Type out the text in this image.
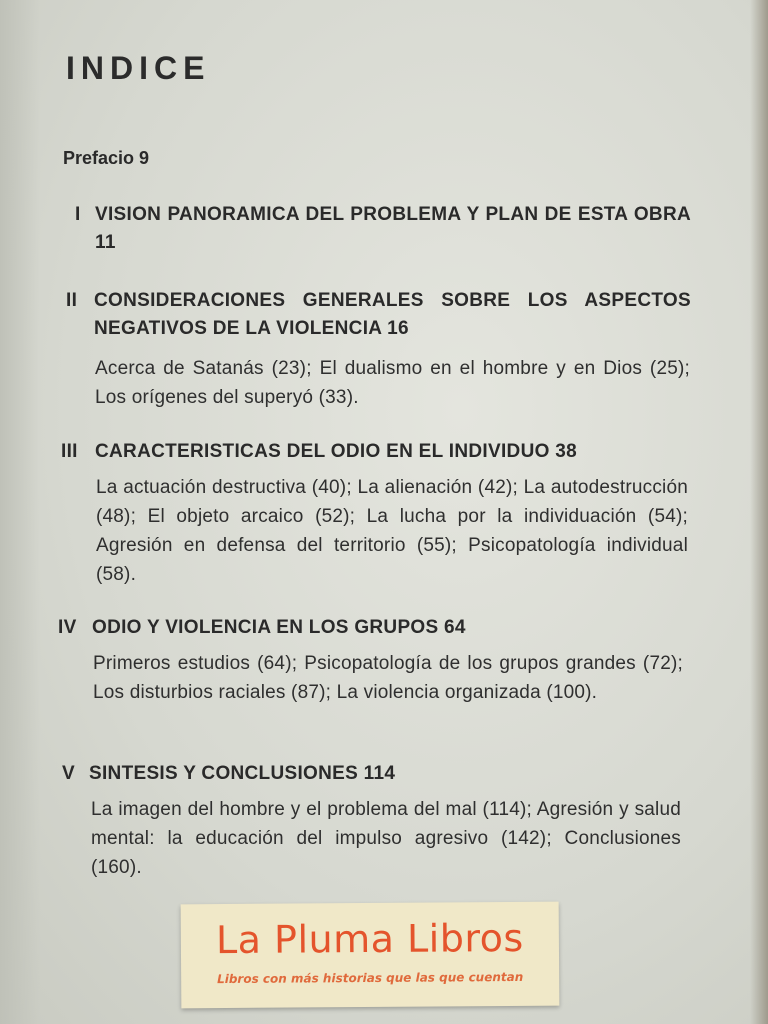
INDICE
Prefacio 9
I VISION PANORAMICA DEL PROBLEMA Y PLAN DE ESTA OBRA 11
II CONSIDERACIONES GENERALES SOBRE LOS ASPECTOS NEGATIVOS DE LA VIOLENCIA 16
Acerca de Satanás (23); El dualismo en el hombre y en Dios (25); Los orígenes del superyó (33).
III CARACTERISTICAS DEL ODIO EN EL INDIVIDUO 38
La actuación destructiva (40); La alienación (42); La autodestrucción (48); El objeto arcaico (52); La lucha por la individuación (54); Agresión en defensa del territorio (55); Psicopatología individual (58).
IV ODIO Y VIOLENCIA EN LOS GRUPOS 64
Primeros estudios (64); Psicopatología de los grupos grandes (72); Los disturbios raciales (87); La violencia organizada (100).
V SINTESIS Y CONCLUSIONES 114
La imagen del hombre y el problema del mal (114); Agresión y salud mental: la educación del impulso agresivo (142); Conclusiones (160).
La Pluma Libros
Libros con más historias que las que cuentan
